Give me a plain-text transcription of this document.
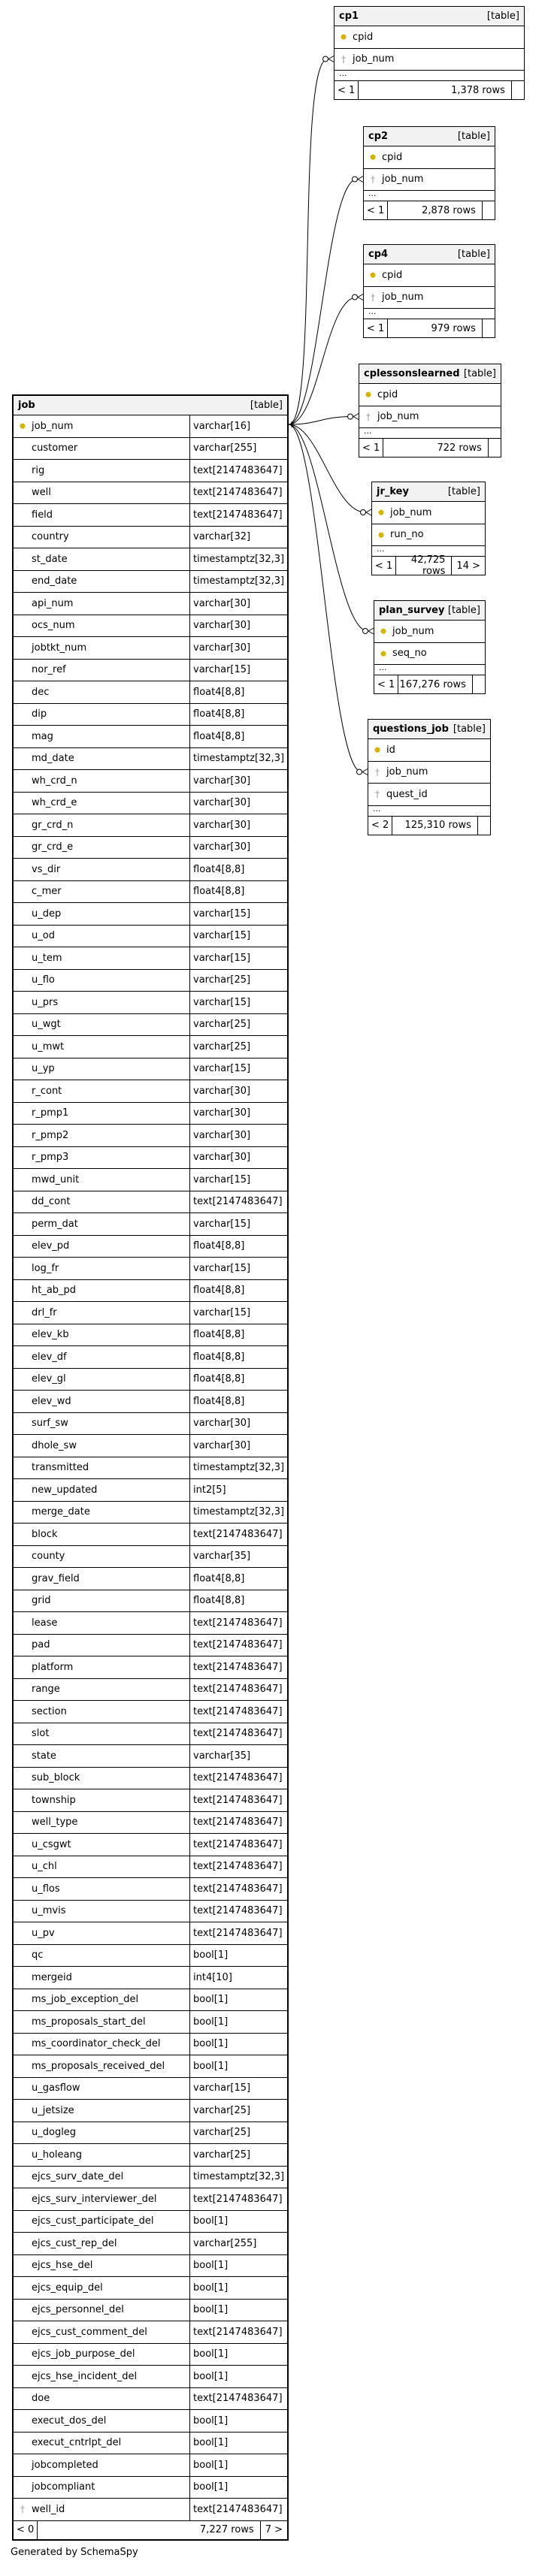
job	[table]
⬤ job_num	varchar[16]

customer	varchar[255]

rig	text[2147483647]

well	text[2147483647]

field	text[2147483647]

country	varchar[32]

st_date	timestamptz[32,3]

end_date	timestamptz[32,3]

api_num	varchar[30]

ocs_num	varchar[30]

jobtkt_num	varchar[30]

nor_ref	varchar[15]

dec	float4[8,8]

dip	float4[8,8]

mag	float4[8,8]

md_date	timestamptz[32,3]

wh_crd_n	varchar[30]

wh_crd_e	varchar[30]

gr_crd_n	varchar[30]

gr_crd_e	varchar[30]

vs_dir	float4[8,8]

c_mer	float4[8,8]

u_dep	varchar[15]

u_od	varchar[15]

u_tem	varchar[15]

u_flo	varchar[25]

u_prs	varchar[15]

u_wgt	varchar[25]

u_mwt	varchar[25]

u_yp	varchar[15]

r_cont	varchar[30]

r_pmp1	varchar[30]

r_pmp2	varchar[30]

r_pmp3	varchar[30]

mwd_unit	varchar[15]

dd_cont	text[2147483647]

perm_dat	varchar[15]

elev_pd	float4[8,8]

log_fr	varchar[15]

ht_ab_pd	float4[8,8]

drl_fr	varchar[15]

elev_kb	float4[8,8]

elev_df	float4[8,8]

elev_gl	float4[8,8]

elev_wd	float4[8,8]

surf_sw	varchar[30]

dhole_sw	varchar[30]

transmitted	timestamptz[32,3]

new_updated	int2[5]

merge_date	timestamptz[32,3]

block	text[2147483647]

county	varchar[35]

grav_field	float4[8,8]

grid	float4[8,8]

lease	text[2147483647]

pad	text[2147483647]

platform	text[2147483647]

range	text[2147483647]

section	text[2147483647]

slot	text[2147483647]

state	varchar[35]

sub_block	text[2147483647]

township	text[2147483647]

well_type	text[2147483647]

u_csgwt	text[2147483647]

u_chl	text[2147483647]

u_flos	text[2147483647]

u_mvis	text[2147483647]

u_pv	text[2147483647]

qc	bool[1]

mergeid	int4[10]

ms_job_exception_del	bool[1]

ms_proposals_start_del	bool[1]

ms_coordinator_check_del	bool[1]

ms_proposals_received_del	bool[1]

u_gasflow	varchar[15]

u_jetsize	varchar[25]

u_dogleg	varchar[25]

u_holeang	varchar[25]

ejcs_surv_date_del	timestamptz[32,3]

ejcs_surv_interviewer_del	text[2147483647]

ejcs_cust_participate_del	bool[1]

ejcs_cust_rep_del	varchar[255]

ejcs_hse_del	bool[1]

ejcs_equip_del	bool[1]

ejcs_personnel_del	bool[1]

ejcs_cust_comment_del	text[2147483647]

ejcs_job_purpose_del	bool[1]

ejcs_hse_incident_del	bool[1]

doe	text[2147483647]

execut_dos_del	bool[1]

execut_cntrlpt_del	bool[1]

jobcompleted	bool[1]

jobcompliant	bool[1]
† well_id	text[2147483647]
< 0	7,227 rows	7 >
cp1	[table]
⬤ cpid
† job_num
...
< 1	1,378 rows

cp2	[table]
⬤ cpid
† job_num
...
< 1	2,878 rows

cp4	[table]
⬤ cpid
† job_num
...
< 1	979 rows

cplessonslearned [table]
⬤ cpid
† job_num
...
< 1	722 rows

jr_key	[table]
⬤ job_num
⬤ run_no
...
< 1	42,725 rows	14 >
plan_survey [table]
⬤ job_num
⬤ seq_no
...
< 1 167,276 rows

questions_job [table]
⬤ id
† job_num
† quest_id
...
< 2	125,310 rows

Generated by SchemaSpy
